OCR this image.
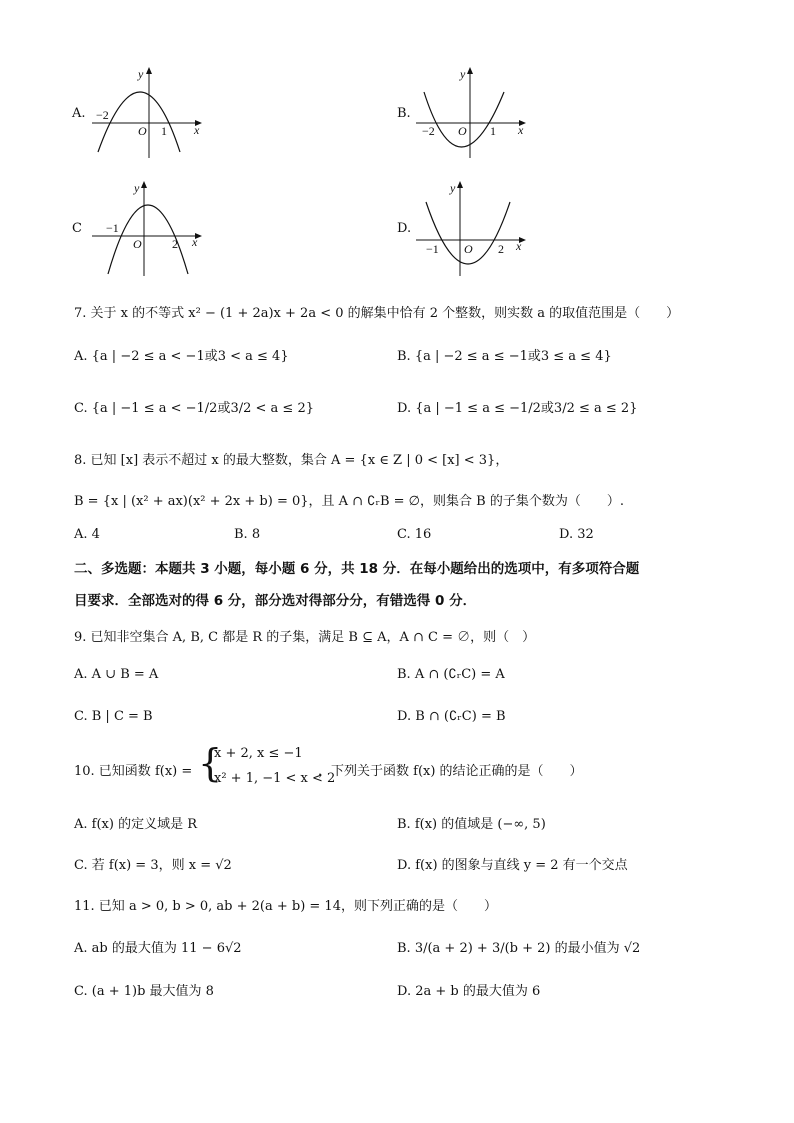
A. −2
O 1 x
y
B.
−2 O 1 x
y
C −1
O	2 x
y
D.
−1 O 2 x
y
7. 关于 x 的不等式 x² − (1 + 2a)x + 2a < 0 的解集中恰有 2 个整数，则实数 a 的取值范围是（　　）
A. {a | −2 ≤ a < −1或3 < a ≤ 4}	B. {a | −2 ≤ a ≤ −1或3 ≤ a ≤ 4}
C. {a | −1 ≤ a < −1/2或3/2 < a ≤ 2}	D. {a | −1 ≤ a ≤ −1/2或3/2 ≤ a ≤ 2}
8. 已知 [x] 表示不超过 x 的最大整数，集合 A = {x ∈ Z | 0 < [x] < 3}，
B = {x | (x² + ax)(x² + 2x + b) = 0}，且 A ∩ ∁ᵣB = ∅，则集合 B 的子集个数为（　　）.
A. 4	B. 8	C. 16	D. 32
二、多选题：本题共 3 小题，每小题 6 分，共 18 分．在每小题给出的选项中，有多项符合题
目要求．全部选对的得 6 分，部分选对得部分分，有错选得 0 分．
9. 已知非空集合 A, B, C 都是 R 的子集，满足 B ⊆ A，A ∩ C = ∅，则（　）
A. A ∪ B = A	B. A ∩ (∁ᵣC) = A
C. B | C = B	D. B ∩ (∁ᵣC) = B
10. 已知函数 f(x) = {
x + 2, x ≤ −1
x² + 1, −1 < x < 2
，下列关于函数 f(x) 的结论正确的是（　　）
A. f(x) 的定义域是 R	B. f(x) 的值域是 (−∞, 5)
C. 若 f(x) = 3，则 x = √2	D. f(x) 的图象与直线 y = 2 有一个交点
11. 已知 a > 0, b > 0, ab + 2(a + b) = 14，则下列正确的是（　　）
A. ab 的最大值为 11 − 6√2	B. 3/(a + 2) + 3/(b + 2) 的最小值为 √2
C. (a + 1)b 最大值为 8	D. 2a + b 的最大值为 6
